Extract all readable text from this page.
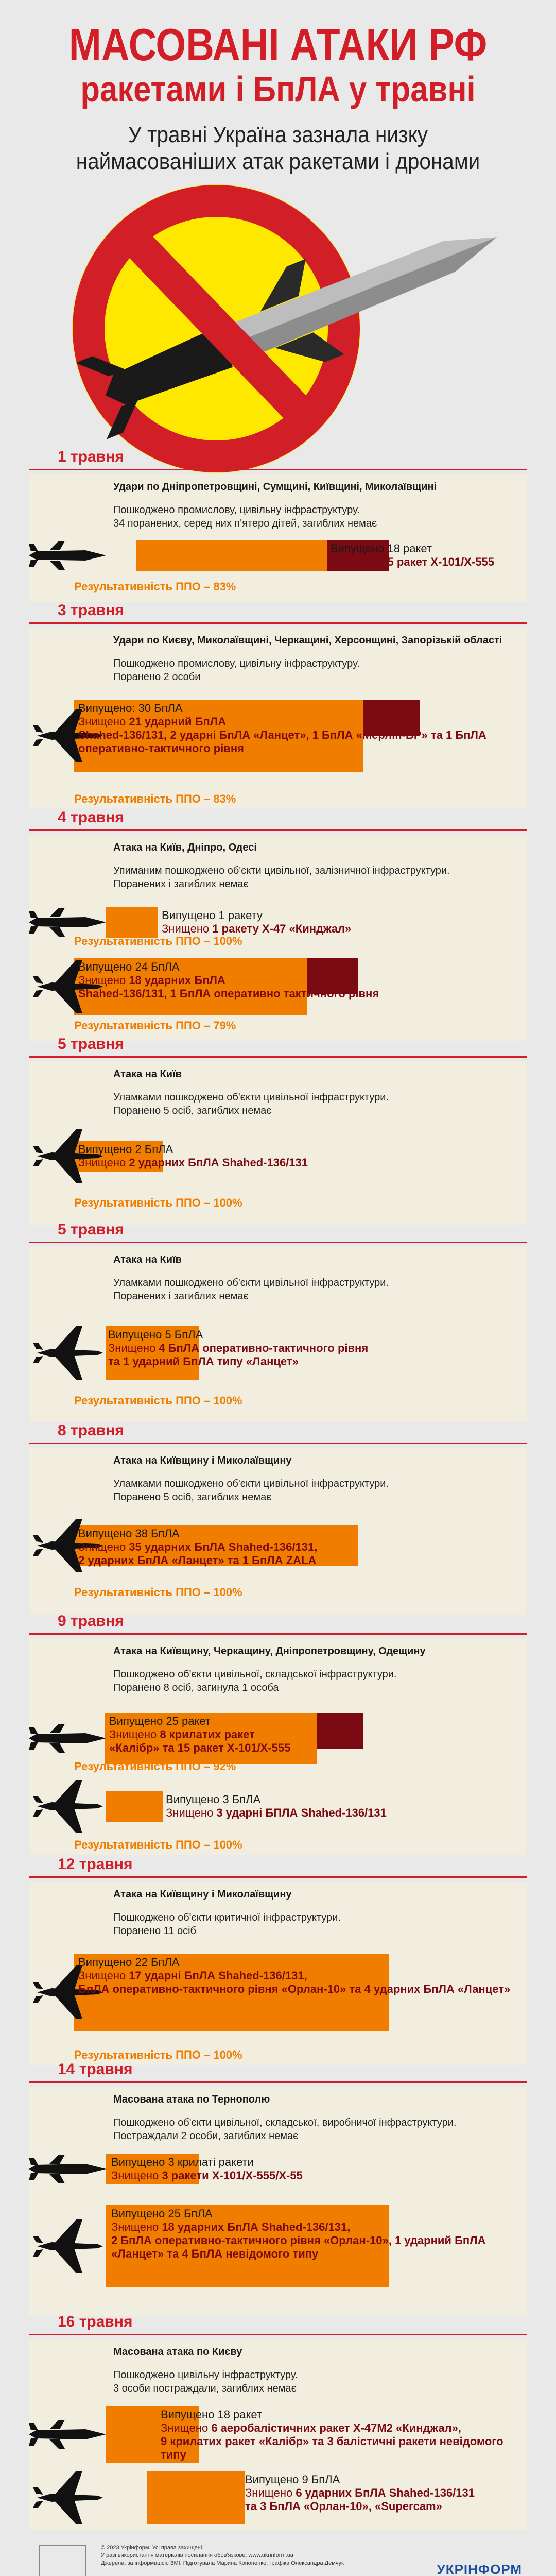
МАСОВАНІ АТАКИ РФ
ракетами і БпЛА у травні
У травні Україна зазнала низку
наймасованіших атак ракетами і дронами
1 травня
Удари по Дніпропетровщині, Сумщині, Київщині, Миколаївщині
Пошкоджено промислову, цивільну інфраструктуру.
34 поранених, серед них п'ятеро дітей, загиблих немає
Випущено 18 ракет
Знищено 15 ракет Х-101/Х-555
Результативність ППО – 83%
3 травня
Удари по Києву, Миколаївщині, Черкащині, Херсонщині, Запорізькій області
Пошкоджено промислову, цивільну інфраструктуру.
Поранено 2 особи
Випущено: 30 БпЛА
Знищено 21 ударний БпЛА
Shahed-136/131, 2 ударні БпЛА «Ланцет», 1 БпЛА «Мерлін-ВР» та 1 БпЛА оперативно-тактичного рівня
Результативність ППО – 83%
4 травня
Атака на Київ, Дніпро, Одесі
Упиманим пошкоджено об'єкти цивільної, залізничної інфраструктури.
Поранених і загиблих немає
Випущено 1 ракету
Знищено 1 ракету Х-47 «Кинджал»
Випущено 24 БпЛА
Знищено 18 ударних БпЛА
Shahed-136/131, 1 БпЛА оперативно тактичного рівня
Результативність ППО – 100%
Результативність ППО – 79%
5 травня
Атака на Київ
Уламками пошкоджено об'єкти цивільної інфраструктури.
Поранено 5 осіб, загиблих немає
Випущено 2 БпЛА
Знищено 2 ударних БпЛА Shahed-136/131
Результативність ППО – 100%
5 травня
Атака на Київ
Уламками пошкоджено об'єкти цивільної інфраструктури.
Поранених і загиблих немає
Випущено 5 БпЛА
Знищено 4 БпЛА оперативно-тактичного рівня
та 1 ударний БпЛА типу «Ланцет»
Результативність ППО – 100%
8 травня
Атака на Київщину і Миколаївщину
Уламками пошкоджено об'єкти цивільної інфраструктури.
Поранено 5 осіб, загиблих немає
Випущено 38 БпЛА
Знищено 35 ударних БпЛА Shahed-136/131,
2 ударних БпЛА «Ланцет» та 1 БпЛА ZALA
Результативність ППО – 100%
9 травня
Атака на Київщину, Черкащину, Дніпропетровщину, Одещину
Пошкоджено об'єкти цивільної, складської інфраструктури.
Поранено 8 осіб, загинула 1 особа
Випущено 25 ракет
Знищено 8 крилатих ракет
«Калібр» та 15 ракет Х-101/Х-555
Випущено 3 БпЛА
Знищено 3 ударні БПЛА Shahed-136/131
Результативність ППО – 92%
Результативність ППО – 100%
12 травня
Атака на Київщину і Миколаївщину
Пошкоджено об'єкти критичної інфраструктури.
Поранено 11 осіб
Випущено 22 БпЛА
Знищено 17 ударні БпЛА Shahed-136/131,
БпЛА оперативно-тактичного рівня «Орлан-10» та 4 ударних БпЛА «Ланцет»
Результативність ППО – 100%
14 травня
Масована атака по Тернополю
Пошкоджено об'єкти цивільної, складської, виробничої інфраструктури.
Постраждали 2 особи, загиблих немає
Випущено 3 крилаті ракети
Знищено 3 ракети Х-101/Х-555/Х-55
Випущено 25 БпЛА
Знищено 18 ударних БпЛА Shahed-136/131,
2 БпЛА оперативно-тактичного рівня «Орлан-10», 1 ударний БпЛА «Ланцет» та 4 БпЛА невідомого типу
16 травня
Масована атака по Києву
Пошкоджено цивільну інфраструктуру.
3 особи постраждали, загиблих немає
Випущено 18 ракет
Знищено 6 аеробалістичних ракет Х-47М2 «Кинджал»,
9 крилатих ракет «Калібр» та 3 балістичні ракети невідомого типу
Випущено 9 БпЛА
Знищено 6 ударних БпЛА Shahed-136/131
та 3 БпЛА «Орлан-10», «Supercam»
© 2023 Укрінформ. Усі права захищені.
У разі використання матеріалів посилання обов'язкове: www.ukrinform.ua
Джерела: за інформацією ЗМІ. Підготувала Марина Кононенко, графіка Олександра Демчук	УКРІНФОРМ
